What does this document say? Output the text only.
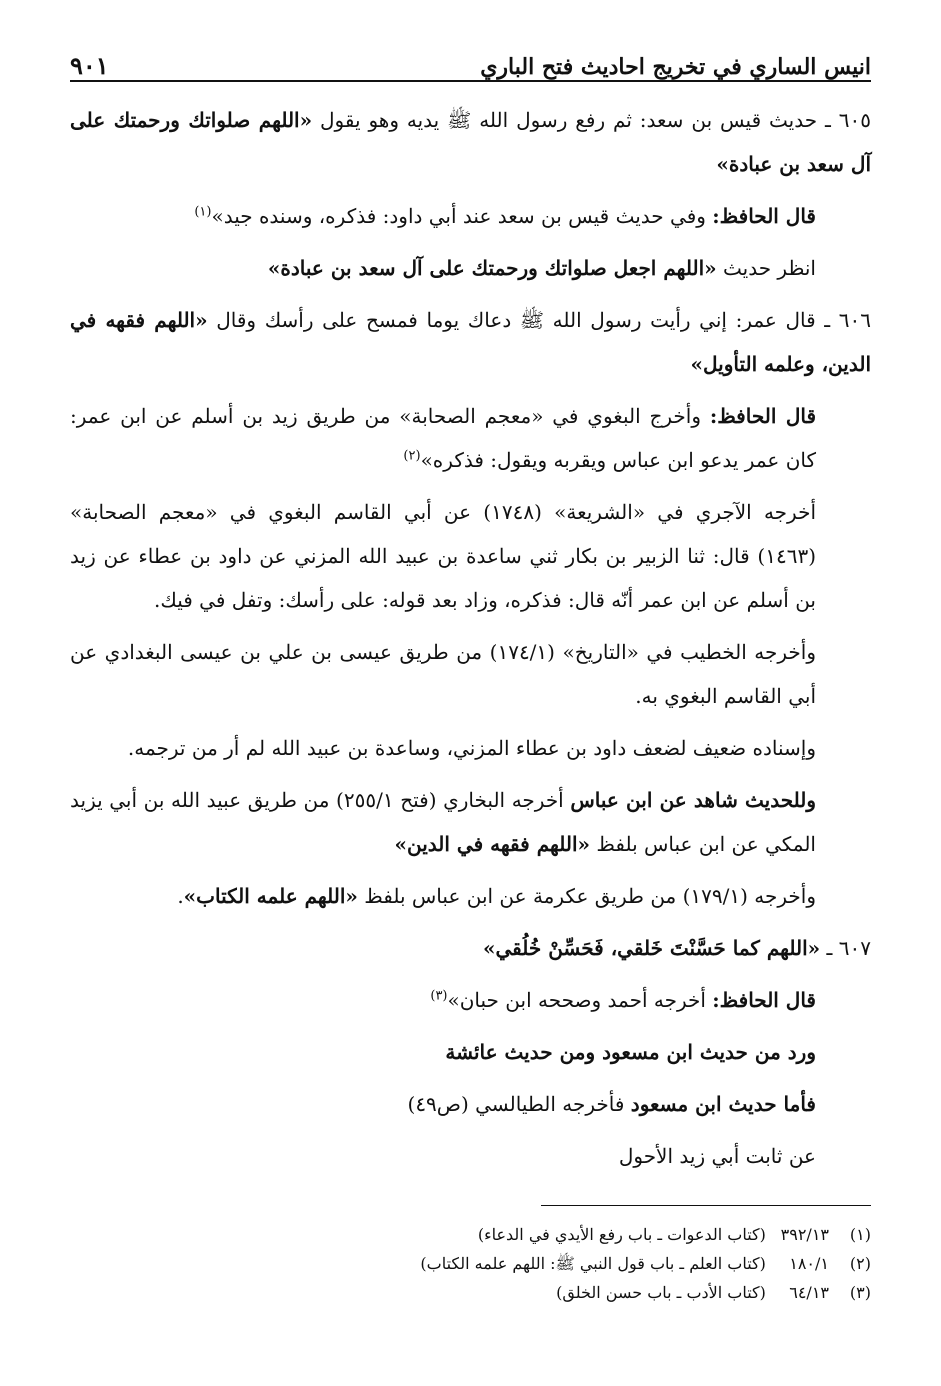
انيس الساري في تخريج احاديث فتح الباري
٩٠١

٦٠٥ ـ حديث قيس بن سعد: ثم رفع رسول الله ﷺ يديه وهو يقول «اللهم صلواتك ورحمتك على آل سعد بن عبادة»

قال الحافظ: وفي حديث قيس بن سعد عند أبي داود: فذكره، وسنده جيد»$^{(١)}$

انظر حديث «اللهم اجعل صلواتك ورحمتك على آل سعد بن عبادة»

٦٠٦ ـ قال عمر: إني رأيت رسول الله ﷺ دعاك يوما فمسح على رأسك وقال «اللهم فقهه في الدين، وعلمه التأويل»

قال الحافظ: وأخرج البغوي في «معجم الصحابة» من طريق زيد بن أسلم عن ابن عمر: كان عمر يدعو ابن عباس ويقربه ويقول: فذكره»$^{(٢)}$

أخرجه الآجري في «الشريعة» (١٧٤٨) عن أبي القاسم البغوي في «معجم الصحابة» (١٤٦٣) قال: ثنا الزبير بن بكار ثني ساعدة بن عبيد الله المزني عن داود بن عطاء عن زيد بن أسلم عن ابن عمر أنّه قال: فذكره، وزاد بعد قوله: على رأسك: وتفل في فيك.

وأخرجه الخطيب في «التاريخ» (١٧٤/١) من طريق عيسى بن علي بن عيسى البغدادي عن أبي القاسم البغوي به.

وإسناده ضعيف لضعف داود بن عطاء المزني، وساعدة بن عبيد الله لم أر من ترجمه.

وللحديث شاهد عن ابن عباس أخرجه البخاري (فتح ٢٥٥/١) من طريق عبيد الله بن أبي يزيد المكي عن ابن عباس بلفظ «اللهم فقهه في الدين»

وأخرجه (١٧٩/١) من طريق عكرمة عن ابن عباس بلفظ «اللهم علمه الكتاب».

٦٠٧ ـ «اللهم كما حَسَّنْتَ خَلقي، فَحَسِّنْ خُلُقي»

قال الحافظ: أخرجه أحمد وصححه ابن حبان»$^{(٣)}$

ورد من حديث ابن مسعود ومن حديث عائشة

فأما حديث ابن مسعود فأخرجه الطيالسي (ص٤٩)

عن ثابت أبي زيد الأحول

(١)٣٩٢/١٣ (كتاب الدعوات ـ باب رفع الأيدي في الدعاء)
(٢)١٨٠/١ (كتاب العلم ـ باب قول النبي ﷺ: اللهم علمه الكتاب)
(٣)٦٤/١٣ (كتاب الأدب ـ باب حسن الخلق)
